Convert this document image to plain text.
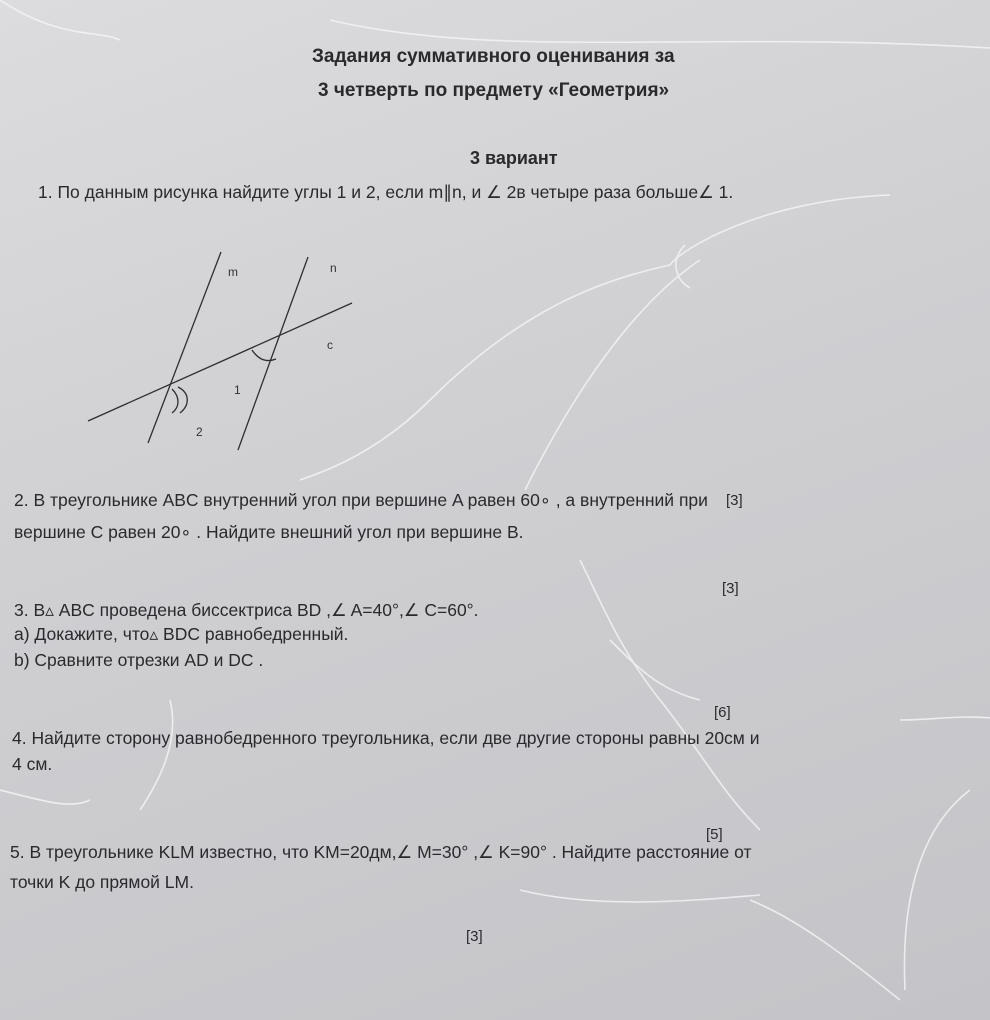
Задания суммативного оценивания за
3 четверть по предмету «Геометрия»
3 вариант
1. По данным рисунка найдите углы 1 и 2, если m∥n, и ∠ 2в четыре раза больше∠ 1.
m	n
c
1
2
[3]
2. В треугольнике ABC внутренний угол при вершине A равен 60∘ , а внутренний при
вершине C равен 20∘ . Найдите внешний угол при вершине B.
[3]
3. В▵ ABC проведена биссектриса BD ,∠ A=40°,∠ C=60°.
a) Докажите, что▵ BDC равнобедренный.
b) Сравните отрезки AD и DC .
[6]
4. Найдите сторону равнобедренного треугольника, если две другие стороны равны 20см и
4 см.
[5]
5. В треугольнике KLM известно, что KM=20дм,∠ M=30° ,∠ K=90° . Найдите расстояние от
точки K до прямой LM.
[3]
